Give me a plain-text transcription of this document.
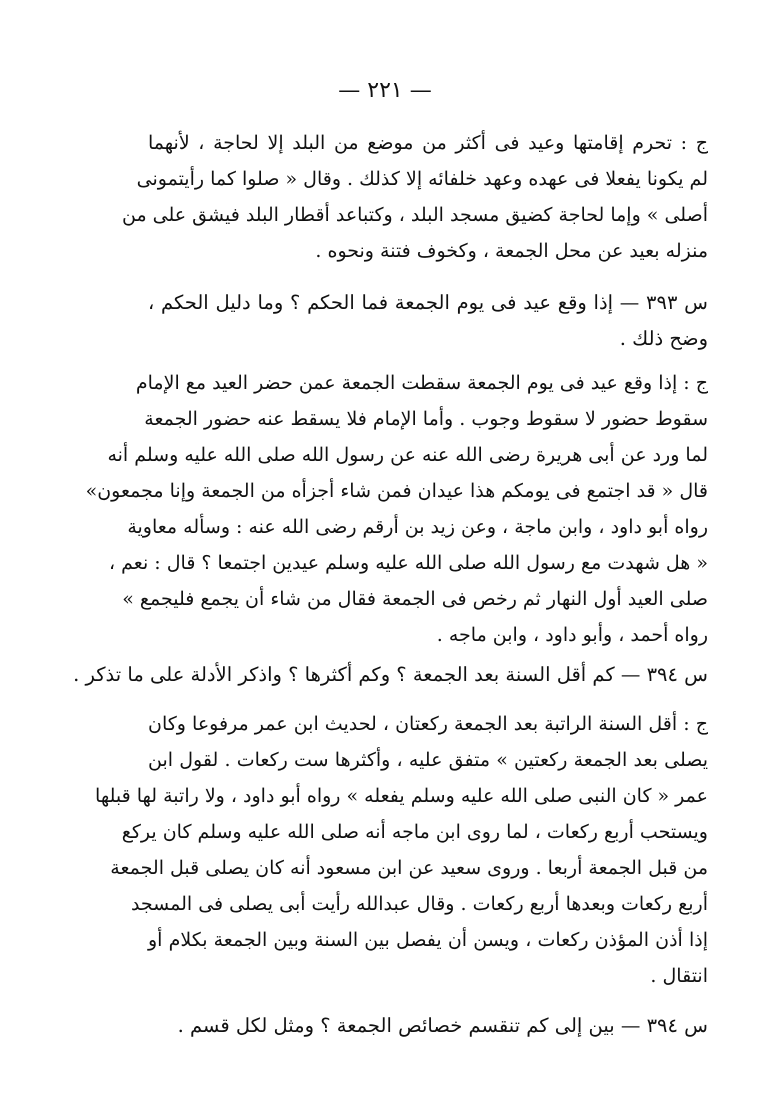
— ٢٢١ —
ج : تحرم إقامتها وعيد فى أكثر من موضع من البلد إلا لحاجة ، لأنهما
لم يكونا يفعلا فى عهده وعهد خلفائه إلا كذلك . وقال « صلوا كما رأيتمونى
أصلى » وإما لحاجة كضيق مسجد البلد ، وكتباعد أقطار البلد فيشق على من
منزله بعيد عن محل الجمعة ، وكخوف فتنة ونحوه .
س ٣٩٣ — إذا وقع عيد فى يوم الجمعة فما الحكم ؟ وما دليل الحكم ،
وضح ذلك .
ج : إذا وقع عيد فى يوم الجمعة سقطت الجمعة عمن حضر العيد مع الإمام
سقوط حضور لا سقوط وجوب . وأما الإمام فلا يسقط عنه حضور الجمعة
لما ورد عن أبى هريرة رضى الله عنه عن رسول الله صلى الله عليه وسلم أنه
قال « قد اجتمع فى يومكم هذا عيدان فمن شاء أجزأه من الجمعة وإنا مجمعون»
رواه أبو داود ، وابن ماجة ، وعن زيد بن أرقم رضى الله عنه : وسأله معاوية
« هل شهدت مع رسول الله صلى الله عليه وسلم عيدين اجتمعا ؟ قال : نعم ،
صلى العيد أول النهار ثم رخص فى الجمعة فقال من شاء أن يجمع فليجمع »
رواه أحمد ، وأبو داود ، وابن ماجه .
س ٣٩٤ — كم أقل السنة بعد الجمعة ؟ وكم أكثرها ؟ واذكر الأدلة على ما تذكر .
ج : أقل السنة الراتبة بعد الجمعة ركعتان ، لحديث ابن عمر مرفوعا وكان
يصلى بعد الجمعة ركعتين » متفق عليه ، وأكثرها ست ركعات . لقول ابن
عمر « كان النبى صلى الله عليه وسلم يفعله » رواه أبو داود ، ولا راتبة لها قبلها
ويستحب أربع ركعات ، لما روى ابن ماجه أنه صلى الله عليه وسلم كان يركع
من قبل الجمعة أربعا . وروى سعيد عن ابن مسعود أنه كان يصلى قبل الجمعة
أربع ركعات وبعدها أربع ركعات . وقال عبدالله رأيت أبى يصلى فى المسجد
إذا أذن المؤذن ركعات ، ويسن أن يفصل بين السنة وبين الجمعة بكلام أو
انتقال .
س ٣٩٤ — بين إلى كم تنقسم خصائص الجمعة ؟ ومثل لكل قسم .
